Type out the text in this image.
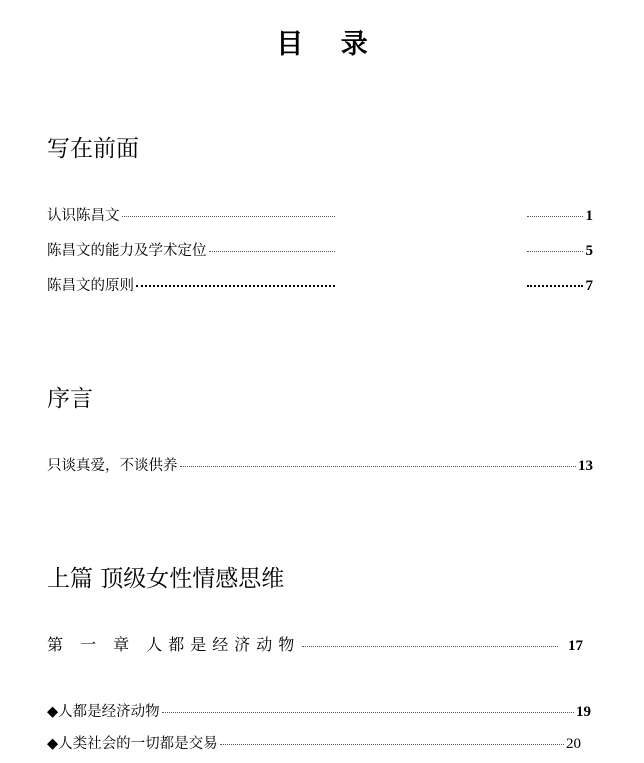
目 录
写在前面
认识陈昌文	1
陈昌文的能力及学术定位	5
陈昌文的原则	7
序言
只谈真爱，不谈供养	13
上篇 顶级女性情感思维
第 一 章 人都是经济动物	17
◆人都是经济动物	19
◆人类社会的一切都是交易	20
